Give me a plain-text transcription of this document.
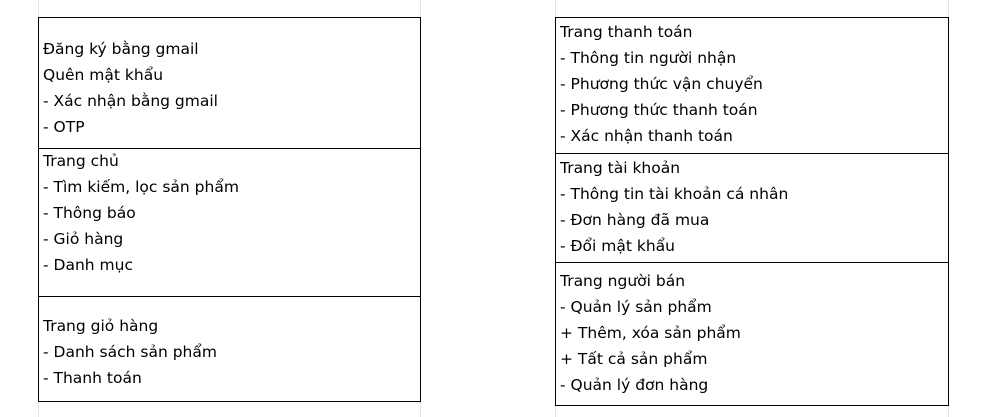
Đăng ký bằng gmail
Quên mật khẩu
- Xác nhận bằng gmail
- OTP
Trang chủ
- Tìm kiếm, lọc sản phẩm
- Thông báo
- Giỏ hàng
- Danh mục
Trang giỏ hàng
- Danh sách sản phẩm
- Thanh toán
Trang thanh toán
- Thông tin người nhận
- Phương thức vận chuyển
- Phương thức thanh toán
- Xác nhận thanh toán
Trang tài khoản
- Thông tin tài khoản cá nhân
- Đơn hàng đã mua
- Đổi mật khẩu
Trang người bán
- Quản lý sản phẩm
+ Thêm, xóa sản phẩm
+ Tất cả sản phẩm
- Quản lý đơn hàng
